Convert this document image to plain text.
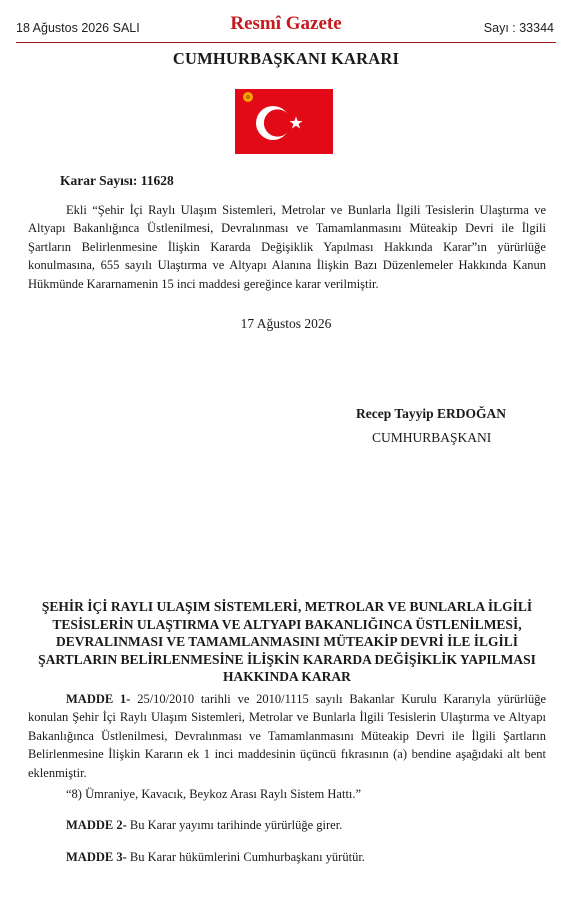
18 Ağustos 2026 SALI	Resmî Gazete	Sayı : 33344
CUMHURBAŞKANI KARARI
Karar Sayısı: 11628
Ekli “Şehir İçi Raylı Ulaşım Sistemleri, Metrolar ve Bunlarla İlgili Tesislerin Ulaştırma ve Altyapı Bakanlığınca Üstlenilmesi, Devralınması ve Tamamlanmasını Müteakip Devri ile İlgili Şartların Belirlenmesine İlişkin Kararda Değişiklik Yapılması Hakkında Karar”ın yürürlüğe konulmasına, 655 sayılı Ulaştırma ve Altyapı Alanına İlişkin Bazı Düzenlemeler Hakkında Kanun Hükmünde Kararnamenin 15 inci maddesi gereğince karar verilmiştir.
17 Ağustos 2026
Recep Tayyip ERDOĞAN
CUMHURBAŞKANI
ŞEHİR İÇİ RAYLI ULAŞIM SİSTEMLERİ, METROLAR VE BUNLARLA İLGİLİ TESİSLERİN ULAŞTIRMA VE ALTYAPI BAKANLIĞINCA ÜSTLENİLMESİ, DEVRALINMASI VE TAMAMLANMASINI MÜTEAKİP DEVRİ İLE İLGİLİ ŞARTLARIN BELİRLENMESİNE İLİŞKİN KARARDA DEĞİŞİKLİK YAPILMASI HAKKINDA KARAR
MADDE 1- 25/10/2010 tarihli ve 2010/1115 sayılı Bakanlar Kurulu Kararıyla yürürlüğe konulan Şehir İçi Raylı Ulaşım Sistemleri, Metrolar ve Bunlarla İlgili Tesislerin Ulaştırma ve Altyapı Bakanlığınca Üstlenilmesi, Devralınması ve Tamamlanmasını Müteakip Devri ile İlgili Şartların Belirlenmesine İlişkin Kararın ek 1 inci maddesinin üçüncü fıkrasının (a) bendine aşağıdaki alt bent eklenmiştir.
“8) Ümraniye, Kavacık, Beykoz Arası Raylı Sistem Hattı.”
MADDE 2- Bu Karar yayımı tarihinde yürürlüğe girer.
MADDE 3- Bu Karar hükümlerini Cumhurbaşkanı yürütür.
